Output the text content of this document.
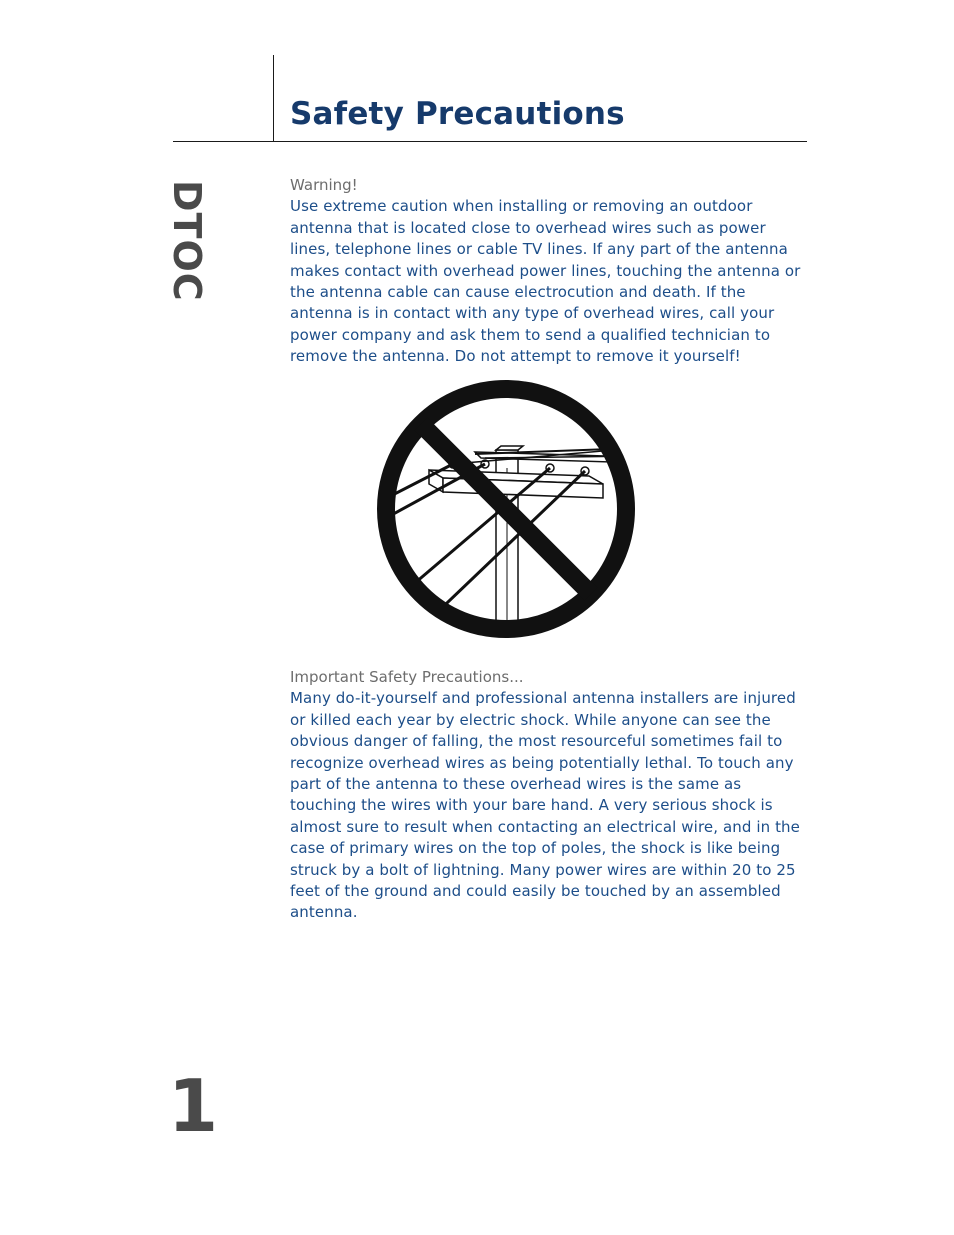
Safety Precautions
DTOC	Warning!

Use extreme caution when installing or removing an outdoor antenna that is located close to overhead wires such as power lines, telephone lines or cable TV lines. If any part of the antenna makes contact with overhead power lines, touching the antenna or the antenna cable can cause electrocution and death. If the antenna is in contact with any type of overhead wires, call your power company and ask them to send a qualified technician to remove the antenna. Do not attempt to remove it yourself!

Important Safety Precautions...

Many do-it-yourself and professional antenna installers are injured or killed each year by electric shock. While anyone can see the obvious danger of falling, the most resourceful sometimes fail to recognize overhead wires as being potentially lethal. To touch any part of the antenna to these overhead wires is the same as touching the wires with your bare hand. A very serious shock is almost sure to result when contacting an electrical wire, and in the case of primary wires on the top of poles, the shock is like being struck by a bolt of lightning. Many power wires are within 20 to 25 feet of the ground and could easily be touched by an assembled antenna.

1
